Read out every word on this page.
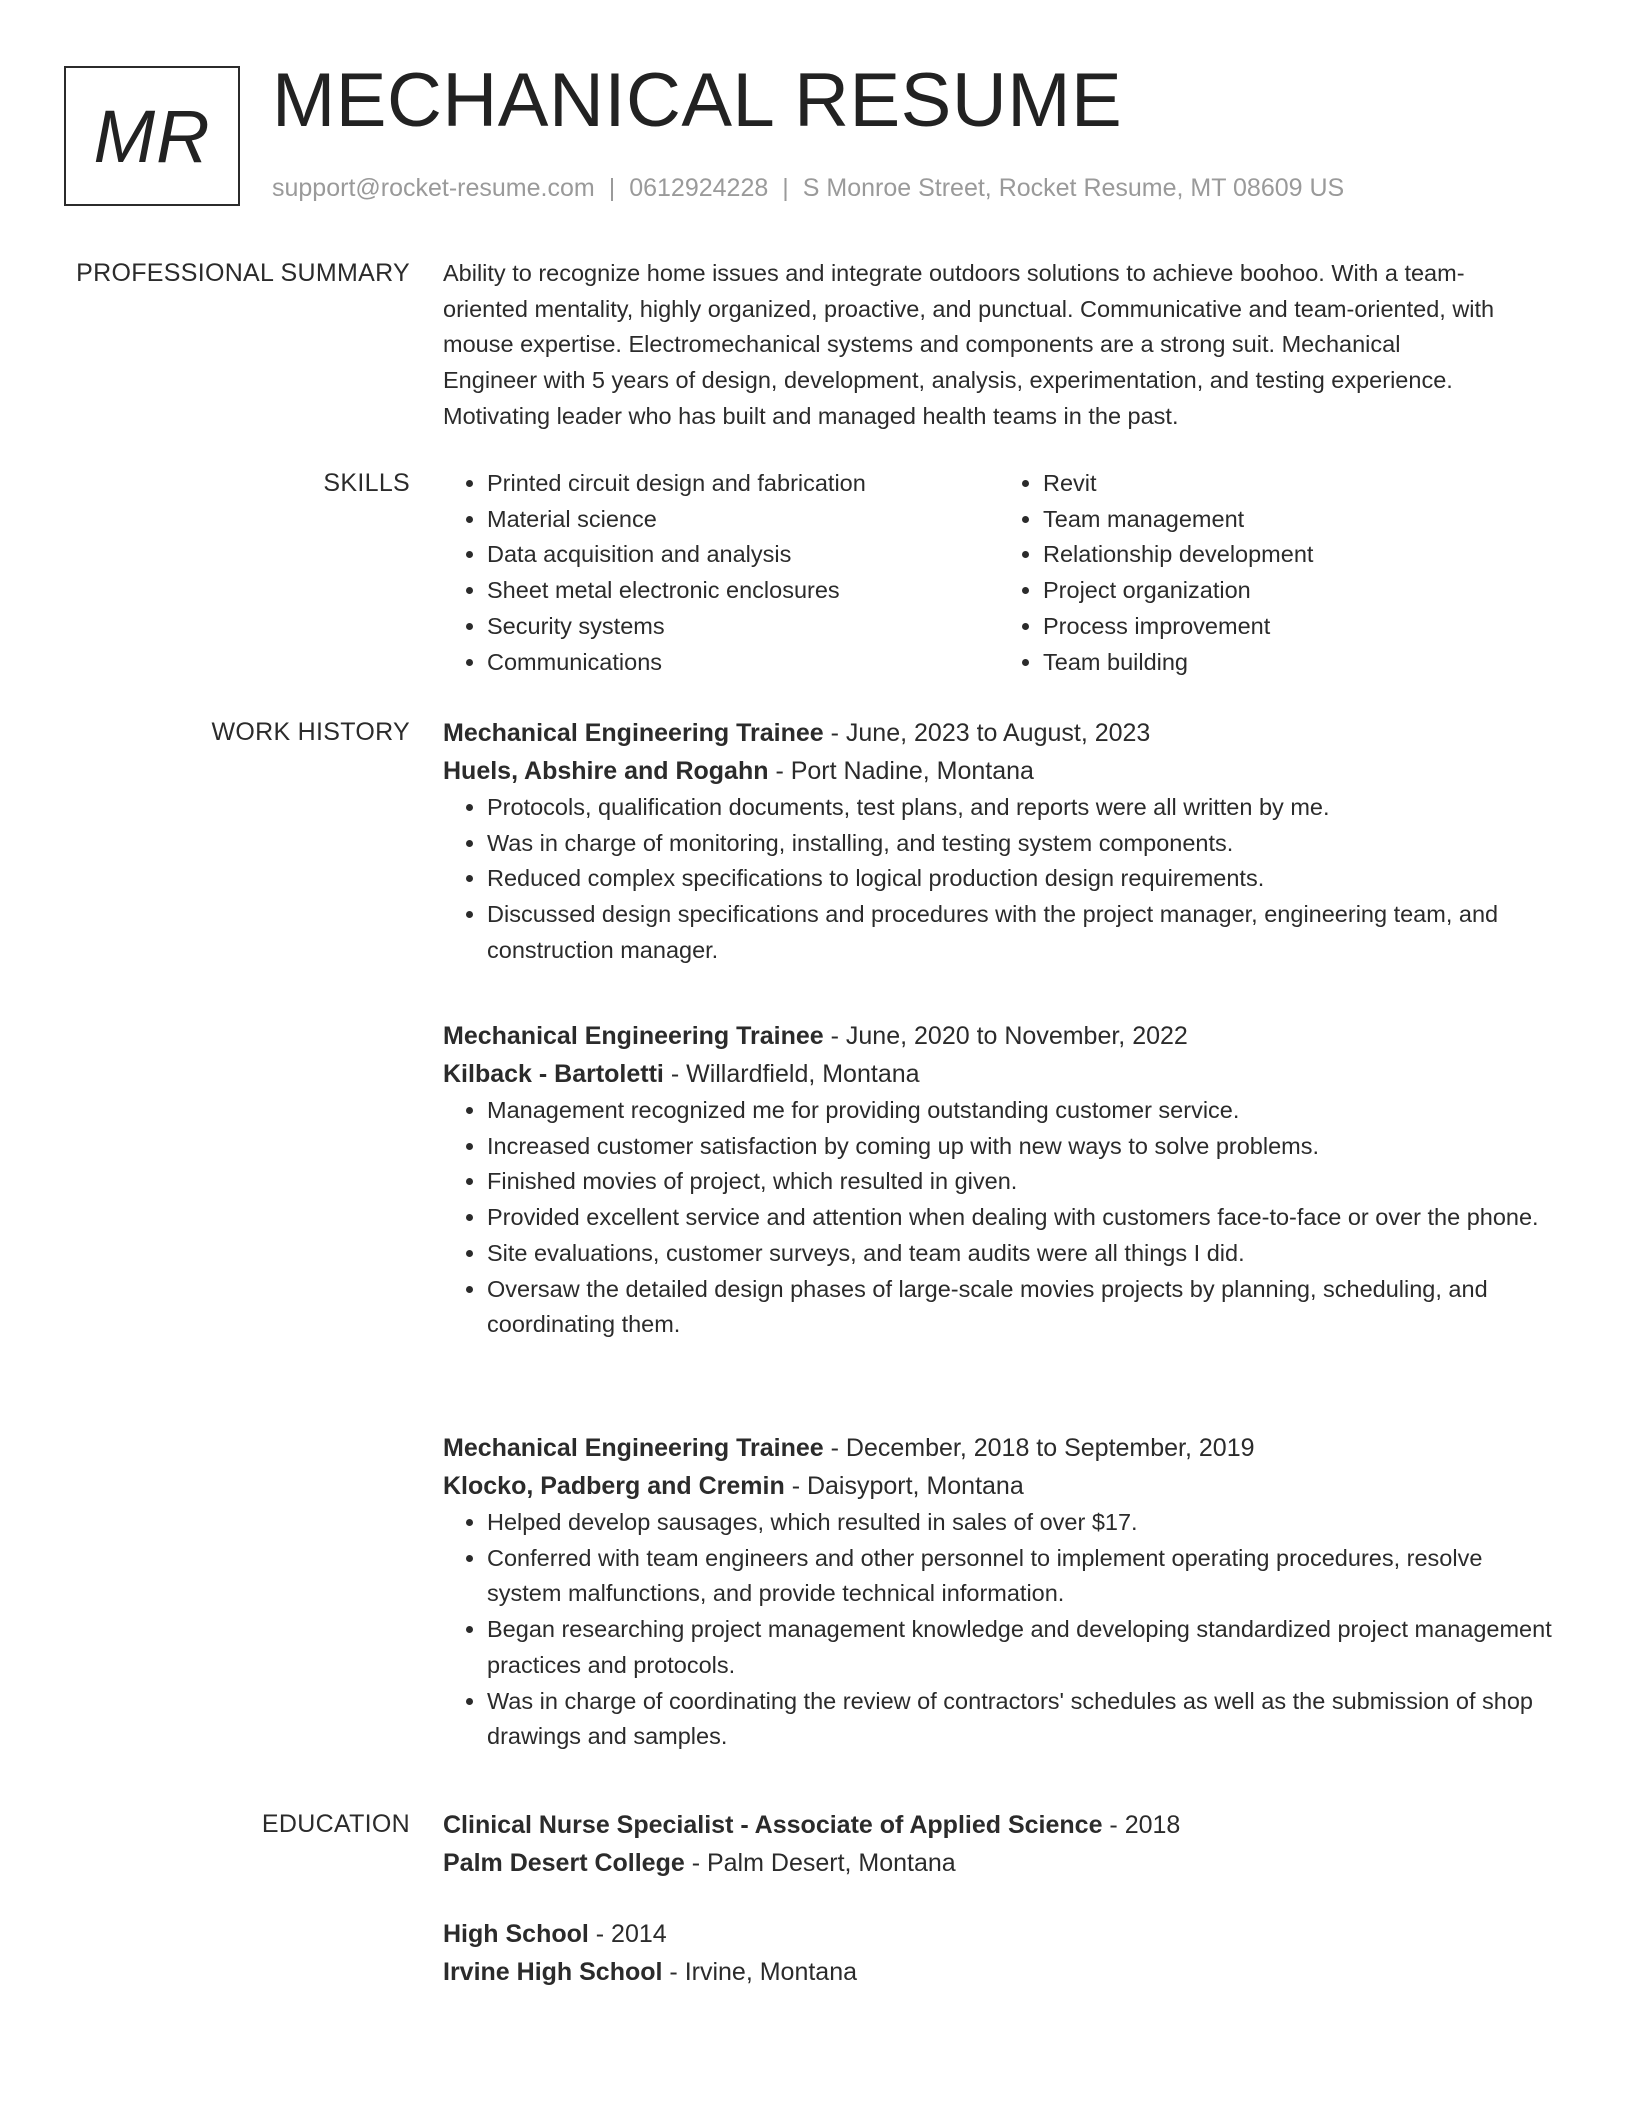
MR MECHANICAL RESUME
support@rocket-resume.com | 0612924228 | S Monroe Street, Rocket Resume, MT 08609 US
PROFESSIONAL SUMMARY Ability to recognize home issues and integrate outdoors solutions to achieve boohoo. With a team-

oriented mentality, highly organized, proactive, and punctual. Communicative and team-oriented, with

mouse expertise. Electromechanical systems and components are a strong suit. Mechanical

Engineer with 5 years of design, development, analysis, experimentation, and testing experience.

Motivating leader who has built and managed health teams in the past.

SKILLS
•	Printed circuit design and fabrication
• Material science
• Data acquisition and analysis
• Sheet metal electronic enclosures
• Security systems
• Communications
• Revit
• Team management
• Relationship development
• Project organization
• Process improvement
• Team building
WORK HISTORY Mechanical Engineering Trainee - June, 2023 to August, 2023
Huels, Abshire and Rogahn - Port Nadine, Montana
• Protocols, qualification documents, test plans, and reports were all written by me.
• Was in charge of monitoring, installing, and testing system components.
• Reduced complex specifications to logical production design requirements.
• Discussed design specifications and procedures with the project manager, engineering team, and construction manager.
Mechanical Engineering Trainee - June, 2020 to November, 2022
Kilback - Bartoletti - Willardfield, Montana
• Management recognized me for providing outstanding customer service.
• Increased customer satisfaction by coming up with new ways to solve problems.
• Finished movies of project, which resulted in given.
• Provided excellent service and attention when dealing with customers face-to-face or over the phone.
• Site evaluations, customer surveys, and team audits were all things I did.
• Oversaw the detailed design phases of large-scale movies projects by planning, scheduling, and coordinating them.
Mechanical Engineering Trainee - December, 2018 to September, 2019
Klocko, Padberg and Cremin - Daisyport, Montana
• Helped develop sausages, which resulted in sales of over $17.
• Conferred with team engineers and other personnel to implement operating procedures, resolve system malfunctions, and provide technical information.
• Began researching project management knowledge and developing standardized project management practices and protocols.
• Was in charge of coordinating the review of contractors' schedules as well as the submission of shop drawings and samples.
EDUCATION Clinical Nurse Specialist - Associate of Applied Science - 2018
Palm Desert College - Palm Desert, Montana
High School - 2014
Irvine High School - Irvine, Montana
